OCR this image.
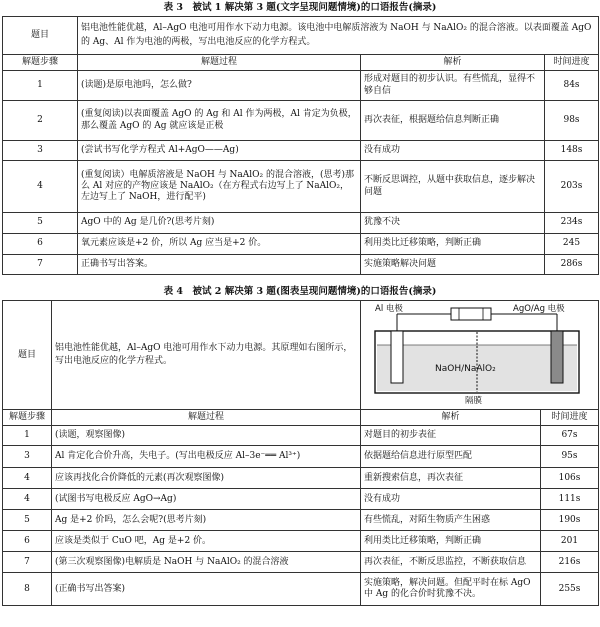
表 3　被试 1 解决第 3 题(文字呈现问题情境)的口语报告(摘录)
题目	铝电池性能优越，Al–AgO 电池可用作水下动力电源。该电池中电解质溶液为 NaOH 与 NaAlO₂ 的混合溶液。以表面覆盖 AgO 的 Ag、Al 作为电池的两极，写出电池反应的化学方程式。		
解题步骤	解题过程	解析	时间进度
1	(读题)是原电池吗，怎么做?	形成对题目的初步认识。有些慌乱，显得不够自信	84s
2	(重复阅读)以表面覆盖 AgO 的 Ag 和 Al 作为两极，Al 肯定为负极，那么覆盖 AgO 的 Ag 就应该是正极	再次表征，根据题给信息判断正确	98s
3	(尝试书写化学方程式 Al+AgO——Ag)	没有成功	148s
4	(重复阅读）电解质溶液是 NaOH 与 NaAlO₂ 的混合溶液，(思考)那么 Al 对应的产物应该是 NaAlO₂（在方程式右边写上了 NaAlO₂，左边写上了 NaOH，进行配平)	不断反思调控，从题中获取信息，逐步解决问题	203s
5	AgO 中的 Ag 是几价?(思考片刻)	犹豫不决	234s
6	氧元素应该是+2 价，所以 Ag 应当是+2 价。	利用类比迁移策略，判断正确	245
7	正确书写出答案。	实施策略解决问题	286s
表 4　被试 2 解决第 3 题(图表呈现问题情境)的口语报告(摘录)
题目	铝电池性能优越，Al–AgO 电池可用作水下动力电源。其原理如右图所示，写出电池反应的化学方程式。	Al 电极 AgO/Ag 电极
NaOH/NaAlO₂
隔膜	

解题步骤	解题过程	解析	时间进度
1	(读题，观察图像)	对题目的初步表征	67s
3	Al 肯定化合价升高，失电子。(写出电极反应 Al–3e⁻══ Al³⁺)	依据题给信息进行原型匹配	95s
4	应该再找化合价降低的元素(再次观察图像)	重新搜索信息，再次表征	106s
4	(试图书写电极反应 AgO→Ag)	没有成功	111s
5	Ag 是+2 价吗，怎么会呢?(思考片刻)	有些慌乱，对陌生物质产生困惑	190s
6	应该是类似于 CuO 吧，Ag 是+2 价。	利用类比迁移策略，判断正确	201
7	(第三次观察图像)电解质是 NaOH 与 NaAlO₂ 的混合溶液	再次表征，不断反思监控，不断获取信息	216s
8	(正确书写出答案)	实施策略，解决问题。但配平时在标 AgO 中 Ag 的化合价时犹豫不决。	255s
